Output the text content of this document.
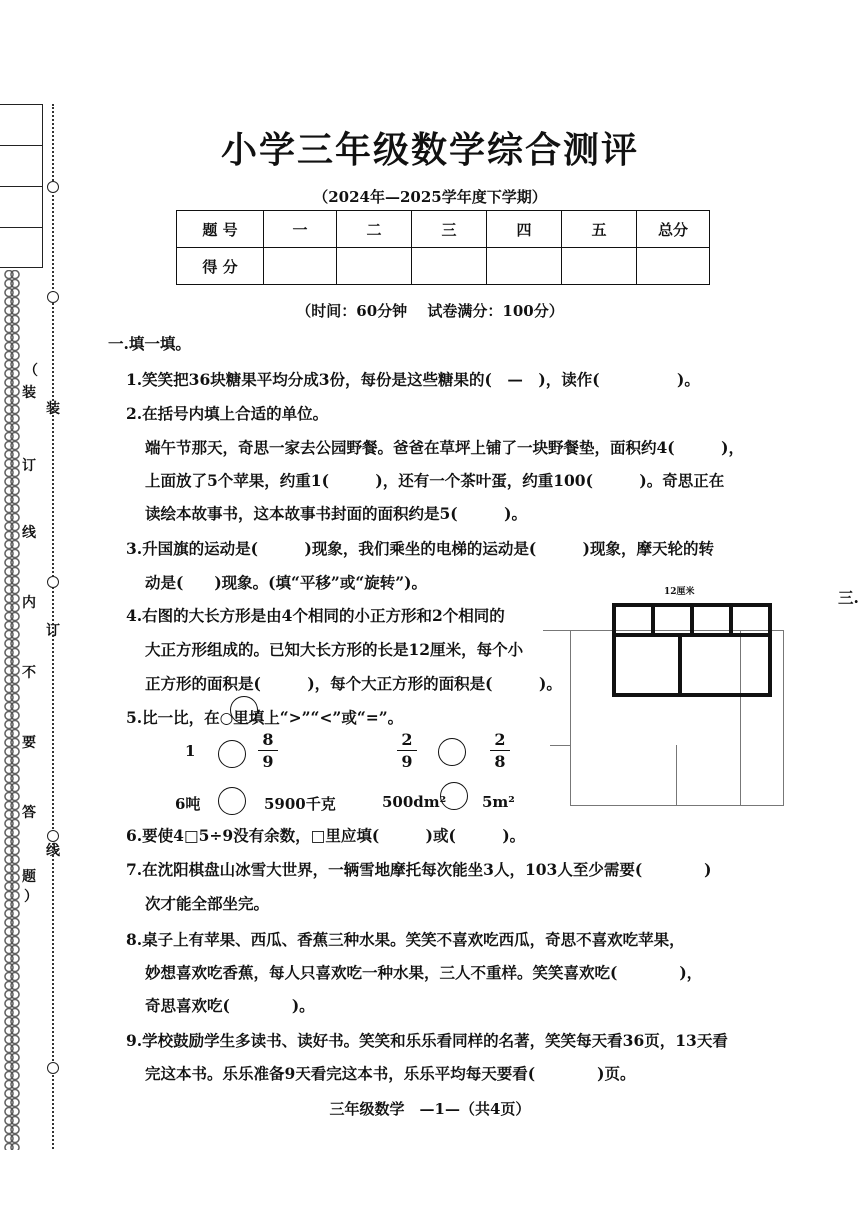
（
装
订
线
内
不
要
答
题
）
装
订
线
小学三年级数学综合测评
（2024年—2025学年度下学期）
题 号	一	二	三	四	五	总分
得 分						
（时间：60分钟　 试卷满分：100分）
一.填一填。
1.笑笑把36块糖果平均分成3份，每份是这些糖果的(　—　)，读作(　　　　　)。
2.在括号内填上合适的单位。
端午节那天，奇思一家去公园野餐。爸爸在草坪上铺了一块野餐垫，面积约4(　　　)，
上面放了5个苹果，约重1(　　　)，还有一个茶叶蛋，约重100(　　　)。奇思正在
读绘本故事书，这本故事书封面的面积约是5(　　　)。
3.升国旗的运动是(　　　)现象，我们乘坐的电梯的运动是(　　　)现象，摩天轮的转
动是(　　)现象。(填“平移”或“旋转”)。
4.右图的大长方形是由4个相同的小正方形和2个相同的
大正方形组成的。已知大长方形的长是12厘米，每个小
正方形的面积是(　　　)，每个大正方形的面积是(　　　)。
12厘米	三.
5.比一比，在○里填上“>”“<”或“=”。
1	$\frac{8}{9}$	$\frac{2}{9}$	$\frac{2}{8}$
6吨	5900千克	500dm² 5m²
6.要使4□5÷9没有余数，□里应填(　　　)或(　　　)。
7.在沈阳棋盘山冰雪大世界，一辆雪地摩托每次能坐3人，103人至少需要(　　　　)
次才能全部坐完。
8.桌子上有苹果、西瓜、香蕉三种水果。笑笑不喜欢吃西瓜，奇思不喜欢吃苹果，
妙想喜欢吃香蕉，每人只喜欢吃一种水果，三人不重样。笑笑喜欢吃(　　　　)，
奇思喜欢吃(　　　　)。
9.学校鼓励学生多读书、读好书。笑笑和乐乐看同样的名著，笑笑每天看36页，13天看
完这本书。乐乐准备9天看完这本书，乐乐平均每天要看(　　　　)页。
三年级数学　—1—（共4页）
